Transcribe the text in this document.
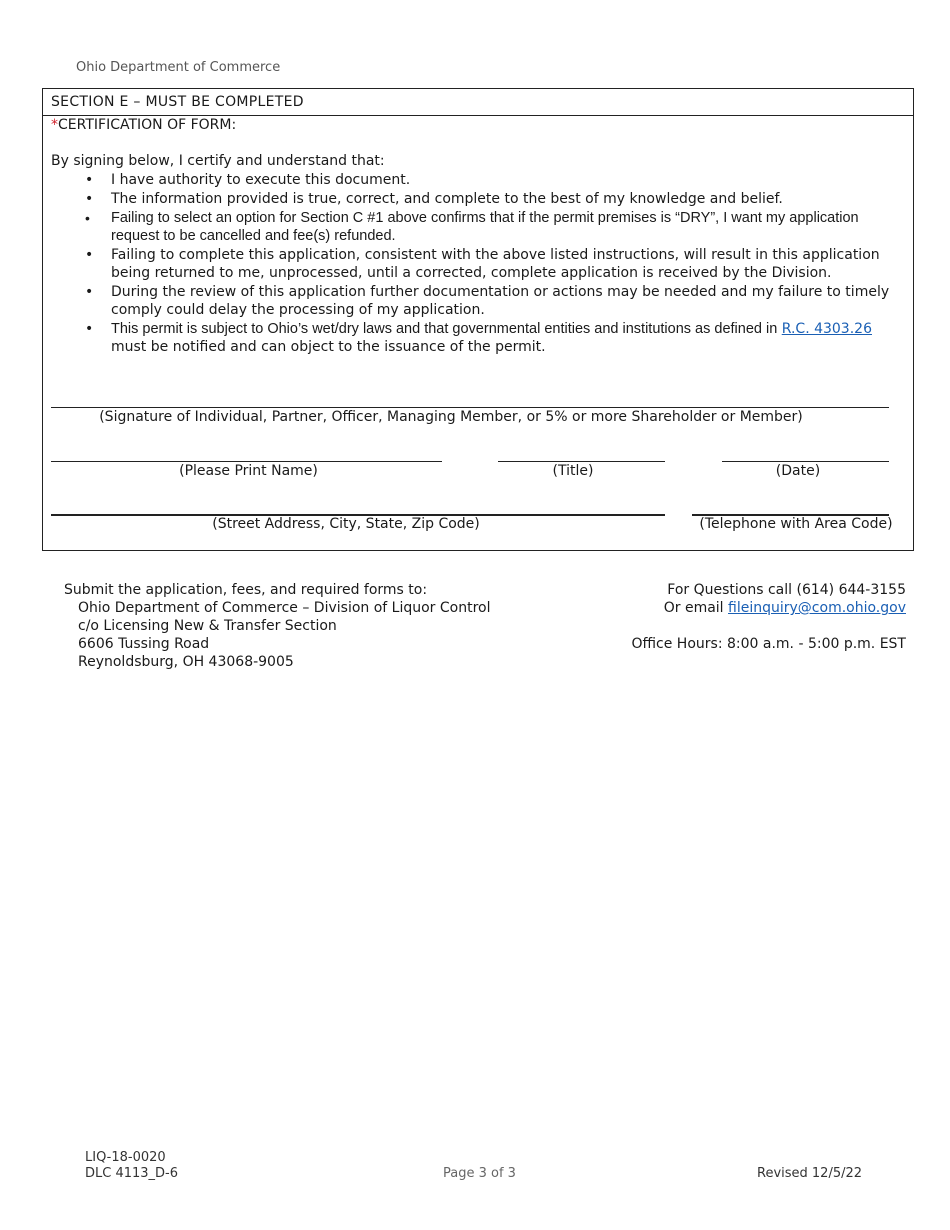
Ohio Department of Commerce
SECTION E – MUST BE COMPLETED
*CERTIFICATION OF FORM:
By signing below, I certify and understand that:
• I have authority to execute this document.
• The information provided is true, correct, and complete to the best of my knowledge and belief.
• Failing to select an option for Section C #1 above confirms that if the permit premises is “DRY”, I want my application request to be cancelled and fee(s) refunded.
• Failing to complete this application, consistent with the above listed instructions, will result in this application being returned to me, unprocessed, until a corrected, complete application is received by the Division.
• During the review of this application further documentation or actions may be needed and my failure to timely comply could delay the processing of my application.
• This permit is subject to Ohio’s wet/dry laws and that governmental entities and institutions as defined in R.C. 4303.26 must be notified and can object to the issuance of the permit.
(Signature of Individual, Partner, Officer, Managing Member, or 5% or more Shareholder or Member)
(Please Print Name)	(Title)	(Date)
(Street Address, City, State, Zip Code)	(Telephone with Area Code)
Submit the application, fees, and required forms to:
Ohio Department of Commerce – Division of Liquor Control
c/o Licensing New & Transfer Section
6606 Tussing Road
Reynoldsburg, OH 43068-9005
For Questions call (614) 644-3155
Or email fileinquiry@com.ohio.gov
Office Hours: 8:00 a.m. - 5:00 p.m. EST
LIQ-18-0020
DLC 4113_D-6	Page 3 of 3	Revised 12/5/22
